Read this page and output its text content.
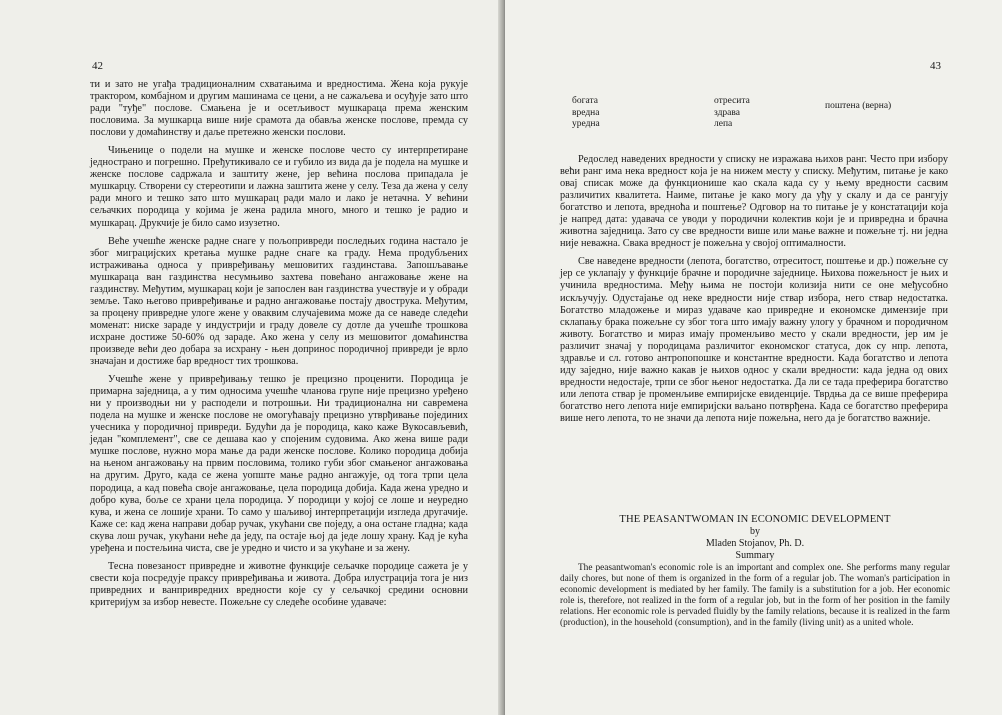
42

ти и зато не угађа традиционалним схватањима и вредностима. Жена која рукује трактором, комбајном и другим машинама се цени, а не сажаљева и осуђује зато што ради "туђе" послове. Смањена је и осетљивост мушкараца према женским пословима. За мушкарца више није срамота да обавља женске послове, премда су послови у домаћинству и даље претежно женски послови.

Чињенице о подели на мушке и женске послове често су интерпретиране једнострано и погрешно. Пређутикивало се и губило из вида да је подела на мушке и женске послове садржала и заштиту жене, јер већина послова припадала је мушкарцу. Створени су стереотипи и лажна заштита жене у селу. Теза да жена у селу ради много и тешко зато што мушкарац ради мало и лако је нетачна. У већини сељачких породица у којима је жена радила много, много и тешко је радио и мушкарац. Друкчије је било само изузетно.

Веће учешће женске радне снаге у пољопривреди последњих година настало је због миграцијских кретања мушке радне снаге ка граду. Нема продубљених истраживања односа у привређивању мешовитих газдинстава. Запошљавање мушкараца ван газдинства несумњиво захтева повећано ангажовање жене на газдинству. Међутим, мушкарац који је запослен ван газдинства учествује и у обради земље. Тако његово привређивање и радно ангажовање постају двострука. Међутим, за процену привредне улоге жене у оваквим случајевима може да се наведе следећи моменат: ниске зараде у индустрији и граду довеле су дотле да учешће трошкова исхране достиже 50-60% од зараде. Ако жена у селу из мешовитог домаћинства произведе већи део добара за исхрану - њен допринос породичној привреди је врло значајан и достиже бар вредност тих трошкова.

Учешће жене у привређивању тешко је прецизно проценити. Породица је примарна заједница, а у тим односима учешће чланова групе није прецизно уређено ни у производњи ни у расподели и потрошњи. Ни традиционална ни савремена подела на мушке и женске послове не омогућавају прецизно утврђивање појединих учесника у породичној привреди. Будући да је породица, како каже Вукосављевић, један "комплемент", све се дешава као у спојеним судовима. Ако жена више ради мушке послове, нужно мора мање да ради женске послове. Колико породица добија на њеном ангажовању на првим пословима, толико губи због смањеног ангажовања на другим. Друго, када се жена уопште мање радно ангажује, од тога трпи цела породица, а кад повећа своје ангажовање, цела породица добија. Када жена уредно и добро кува, боље се храни цела породица. У породици у којој се лоше и неуредно кува, и жена се лошије храни. То само у шаљивој интерпретацији изгледа другачије. Каже се: кад жена направи добар ручак, укућани све поједу, а она остане гладна; када скува лош ручак, укућани неће да једу, па остаје њој да једе лошу храну. Кад је кућа уређена и постељина чиста, све је уредно и чисто и за укућане и за жену.

Тесна повезаност привредне и животне функције сељачке породице сажета је у свести која посредује праксу привређивања и живота. Добра илустрација тога је низ привредних и ванпривредних вредности које су у сељачкој средини основни критеријум за избор невесте. Пожељне су следеће особине удаваче:

43
богата
вредна
уредна
отресита
здрава
лепа
поштена (верна)

Редослед наведених вредности у списку не изражава њихов ранг. Често при избору већи ранг има нека вредност која је на нижем месту у списку. Међутим, питање је како овај списак може да функционише као скала када су у њему вредности сасвим различитих квалитета. Наиме, питање је како могу да уђу у скалу и да се рангују богатство и лепота, вредноћа и поштење? Одговор на то питање је у констатацији која је напред дата: удавача се уводи у породични колектив који је и привредна и брачна животна заједница. Зато су све вредности више или мање важне и пожељне тј. ни једна није неважна. Свака вредност је пожељна у својој оптималности.

Све наведене вредности (лепота, богатство, отреситост, поштење и др.) пожељне су јер се уклапају у функције брачне и породичне заједнице. Њихова пожељност је њих и учинила вредностима. Међу њима не постоји колизија нити се оне међусобно искључују. Одустајање од неке вредности није ствар избора, него ствар недостатка. Богатство младожење и мираз удаваче као привредне и економске димензије при склапању брака пожељне су због тога што имају важну улогу у брачном и породичном животу. Богатство и мираз имају променљиво место у скали вредности, јер им је различит значај у породицама различитог економског статуса, док су нпр. лепота, здравље и сл. готово антропопошке и константне вредности. Када богатство и лепота иду заједно, није важно какав је њихов однос у скали вредности: када једна од ових вредности недостаје, трпи се због њеног недостатка. Да ли се тада преферира богатство или лепота ствар је променљиве емпиријске евиденције. Тврдња да се више преферира богатство него лепота није емпиријски ваљано потврђена. Када се богатство преферира више него лепота, то не значи да лепота није пожељна, него да је богатство важније.

THE PEASANTWOMAN IN ECONOMIC DEVELOPMENT

by

Mladen Stojanov, Ph. D.

Summary

The peasantwoman's economic role is an important and complex one. She performs many regular daily chores, but none of them is organized in the form of a regular job. The woman's participation in economic development is mediated by her family. The family is a substitution for a job. Her economic role is, therefore, not realized in the form of a regular job, but in the form of her position in the family relations. Her economic role is pervaded fluidly by the family relations, because it is realized in the farm (production), in the household (consumption), and in the family (living unit) as a united whole.
